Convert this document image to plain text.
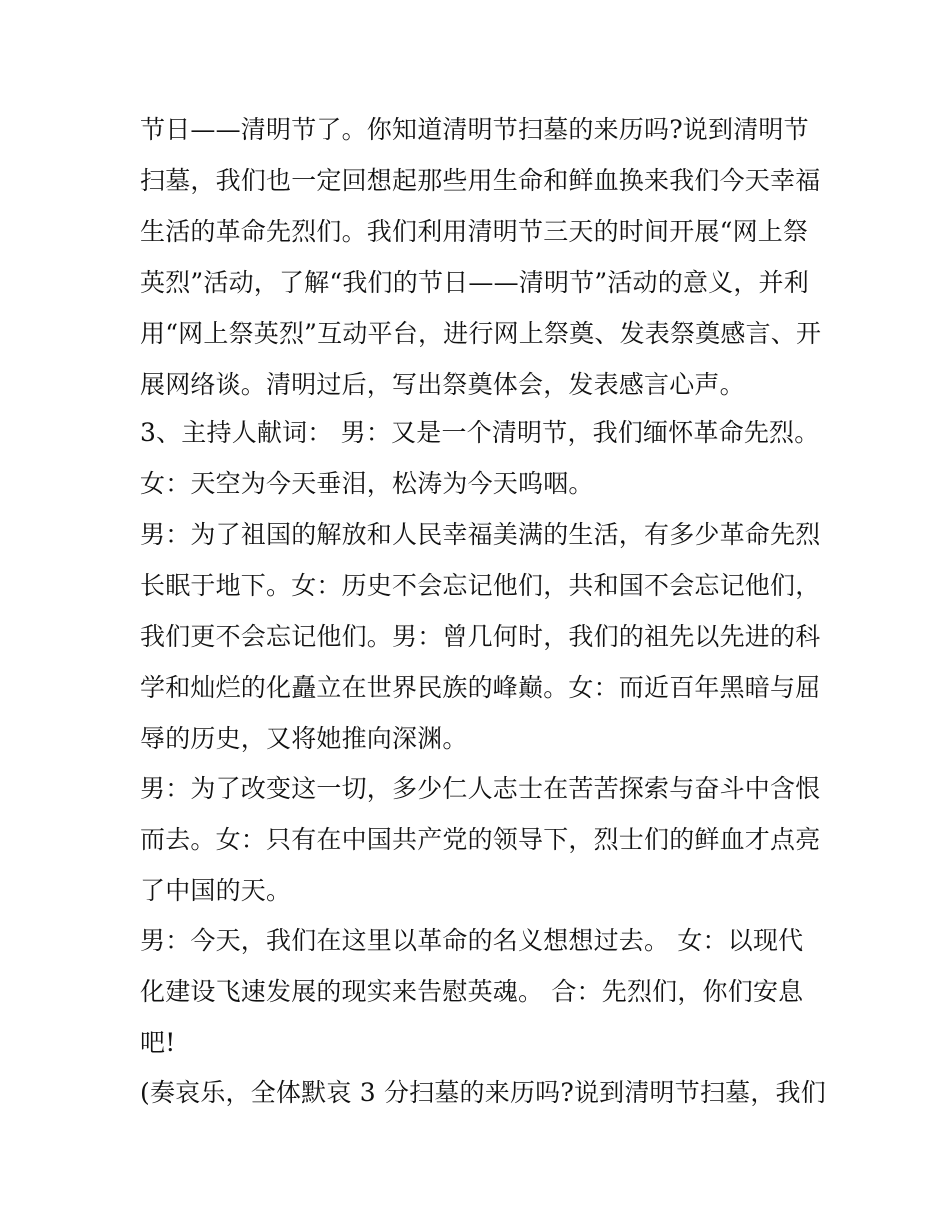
节日——清明节了。你知道清明节扫墓的来历吗?说到清明节
扫墓，我们也一定回想起那些用生命和鲜血换来我们今天幸福
生活的革命先烈们。我们利用清明节三天的时间开展“网上祭
英烈”活动，了解“我们的节日——清明节”活动的意义，并利
用“网上祭英烈”互动平台，进行网上祭奠、发表祭奠感言、开
展网络谈。清明过后，写出祭奠体会，发表感言心声。
3、主持人献词： 男：又是一个清明节，我们缅怀革命先烈。
女：天空为今天垂泪，松涛为今天呜咽。
男：为了祖国的解放和人民幸福美满的生活，有多少革命先烈
长眠于地下。女：历史不会忘记他们，共和国不会忘记他们，
我们更不会忘记他们。男：曾几何时，我们的祖先以先进的科
学和灿烂的化矗立在世界民族的峰巅。女：而近百年黑暗与屈
辱的历史，又将她推向深渊。
男：为了改变这一切，多少仁人志士在苦苦探索与奋斗中含恨
而去。女：只有在中国共产党的领导下，烈士们的鲜血才点亮
了中国的天。
男：今天，我们在这里以革命的名义想想过去。 女：以现代
化建设飞速发展的现实来告慰英魂。 合：先烈们，你们安息
吧!
(奏哀乐，全体默哀 3 分扫墓的来历吗?说到清明节扫墓，我们
